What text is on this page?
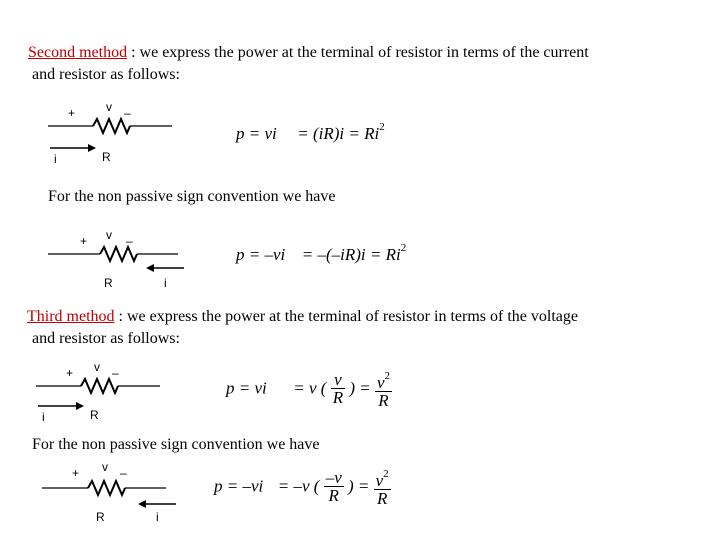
Second method : we express the power at the terminal of resistor in terms of the current
and resistor as follows:
+	v –
i	R
p = vi = $(iR)i = Ri^2$
For the non passive sign convention we have
+ v –
R	i
$p = -vi = -(-iR)i = Ri^2$
Third method : we express the power at the terminal of resistor in terms of the voltage
and resistor as follows:
+ v –
i	R
p = vi = v ( $\frac{v}{R}$ ) = $\frac{v^2}{R}$
For the non passive sign convention we have
+ v –
R	i
p = –vi = –v ( $\frac{-v}{R}$ ) = $\frac{v^2}{R}$
